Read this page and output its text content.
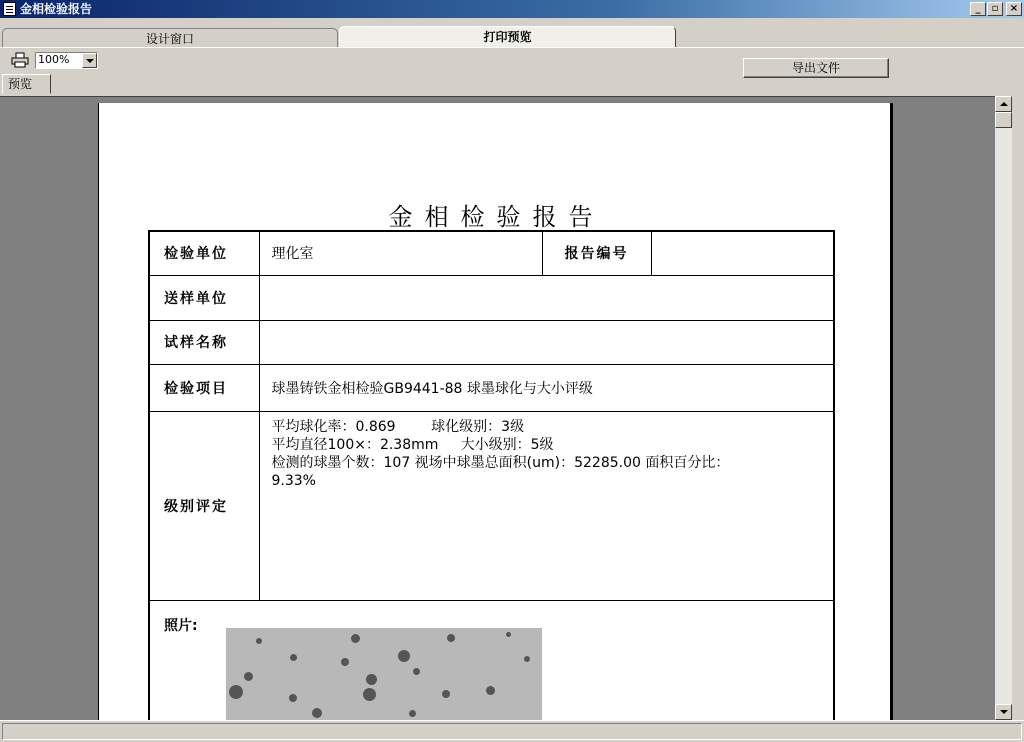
金相检验报告	_	▫	×
设计窗口	打印预览
100%
导出文件
预览
金相检验报告
检验单位	理化室	报告编号	
送样单位			
试样名称			
检验项目	球墨铸铁金相检验GB9441-88 球墨球化与大小评级		
级别评定	平均球化率：0.869        球化级别：3级
平均直径100×：2.38mm     大小级别：5级
检测的球墨个数：107 视场中球墨总面积(um)：52285.00 面积百分比：9.33%		

照片:			
